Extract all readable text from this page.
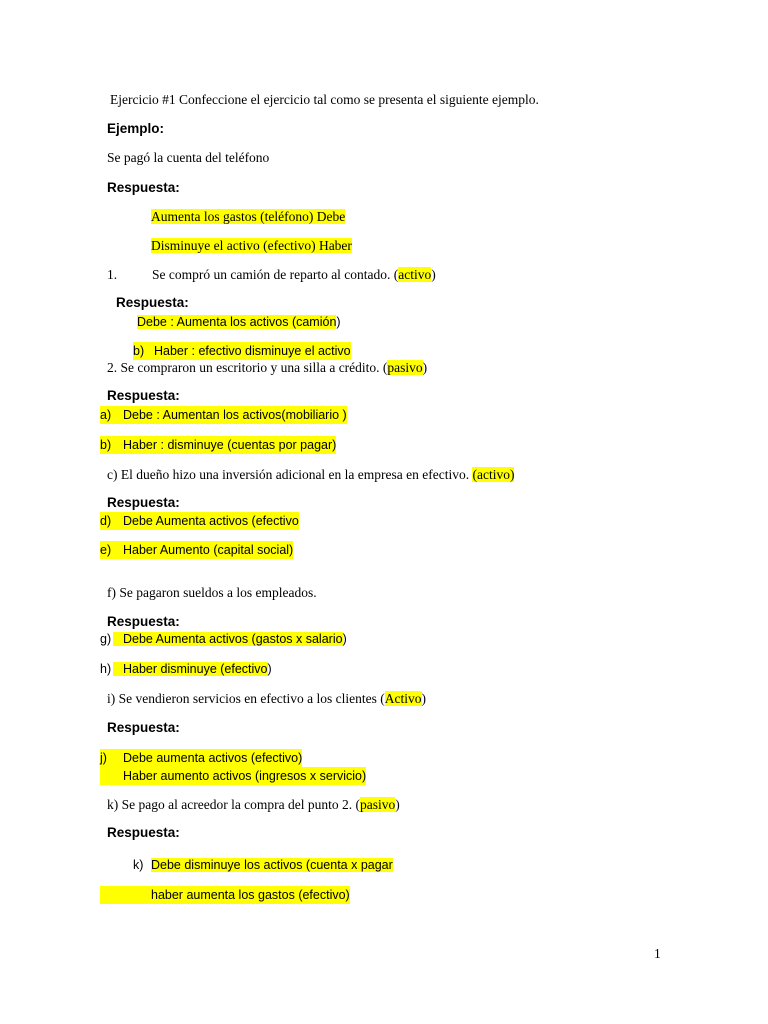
Ejercicio #1 Confeccione el ejercicio tal como se presenta el siguiente ejemplo.
Ejemplo:
Se pagó la cuenta del teléfono
Respuesta:
Aumenta los gastos (teléfono) Debe
Disminuye el activo (efectivo) Haber
1.	Se compró un camión de reparto al contado. (activo)
Respuesta:
Debe : Aumenta los activos (camión)
b) Haber : efectivo disminuye el activo
2. Se compraron un escritorio y una silla a crédito. (pasivo)
Respuesta:
a) Debe : Aumentan los activos(mobiliario )
b) Haber : disminuye (cuentas por pagar)
c) El dueño hizo una inversión adicional en la empresa en efectivo. (activo)
Respuesta:
d) Debe Aumenta activos (efectivo
e) Haber Aumento (capital social)
f) Se pagaron sueldos a los empleados.
Respuesta:
g) Debe Aumenta activos (gastos x salario)
h) Haber disminuye (efectivo)
i) Se vendieron servicios en efectivo a los clientes (Activo)
Respuesta:
j) Debe aumenta activos (efectivo)
Haber aumento activos (ingresos x servicio)
k) Se pago al acreedor la compra del punto 2. (pasivo)
Respuesta:
k) Debe disminuye los activos (cuenta x pagar
haber aumenta los gastos (efectivo)
1
